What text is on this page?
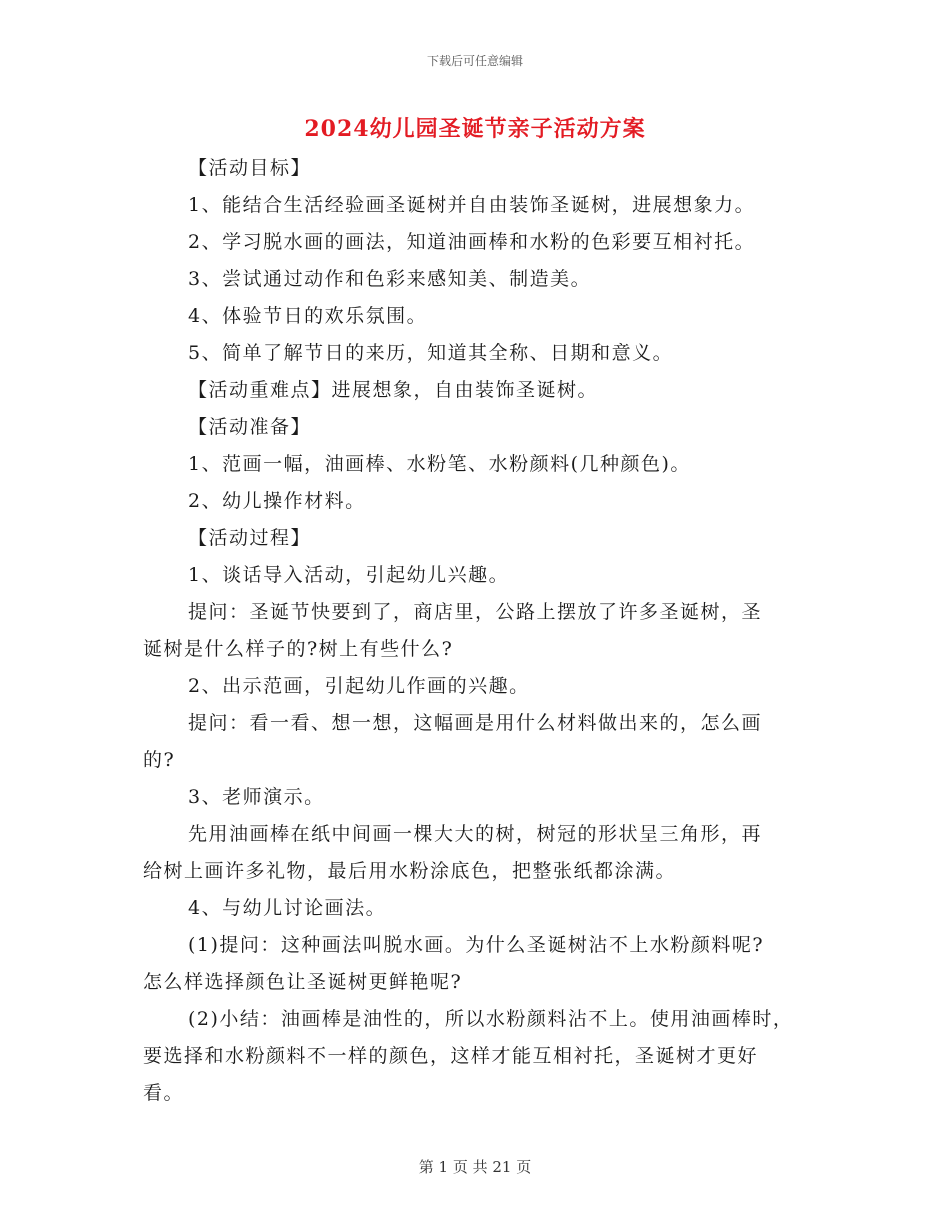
下载后可任意编辑
2024幼儿园圣诞节亲子活动方案
【活动目标】
1、能结合生活经验画圣诞树并自由装饰圣诞树，进展想象力。
2、学习脱水画的画法，知道油画棒和水粉的色彩要互相衬托。
3、尝试通过动作和色彩来感知美、制造美。
4、体验节日的欢乐氛围。
5、简单了解节日的来历，知道其全称、日期和意义。
【活动重难点】进展想象，自由装饰圣诞树。
【活动准备】
1、范画一幅，油画棒、水粉笔、水粉颜料(几种颜色)。
2、幼儿操作材料。
【活动过程】
1、谈话导入活动，引起幼儿兴趣。
提问：圣诞节快要到了，商店里，公路上摆放了许多圣诞树，圣
诞树是什么样子的?树上有些什么?
2、出示范画，引起幼儿作画的兴趣。
提问：看一看、想一想，这幅画是用什么材料做出来的，怎么画
的?
3、老师演示。
先用油画棒在纸中间画一棵大大的树，树冠的形状呈三角形，再
给树上画许多礼物，最后用水粉涂底色，把整张纸都涂满。
4、与幼儿讨论画法。
(1)提问：这种画法叫脱水画。为什么圣诞树沾不上水粉颜料呢?
怎么样选择颜色让圣诞树更鲜艳呢?
(2)小结：油画棒是油性的，所以水粉颜料沾不上。使用油画棒时，
要选择和水粉颜料不一样的颜色，这样才能互相衬托，圣诞树才更好
看。
第 1 页 共 21 页
